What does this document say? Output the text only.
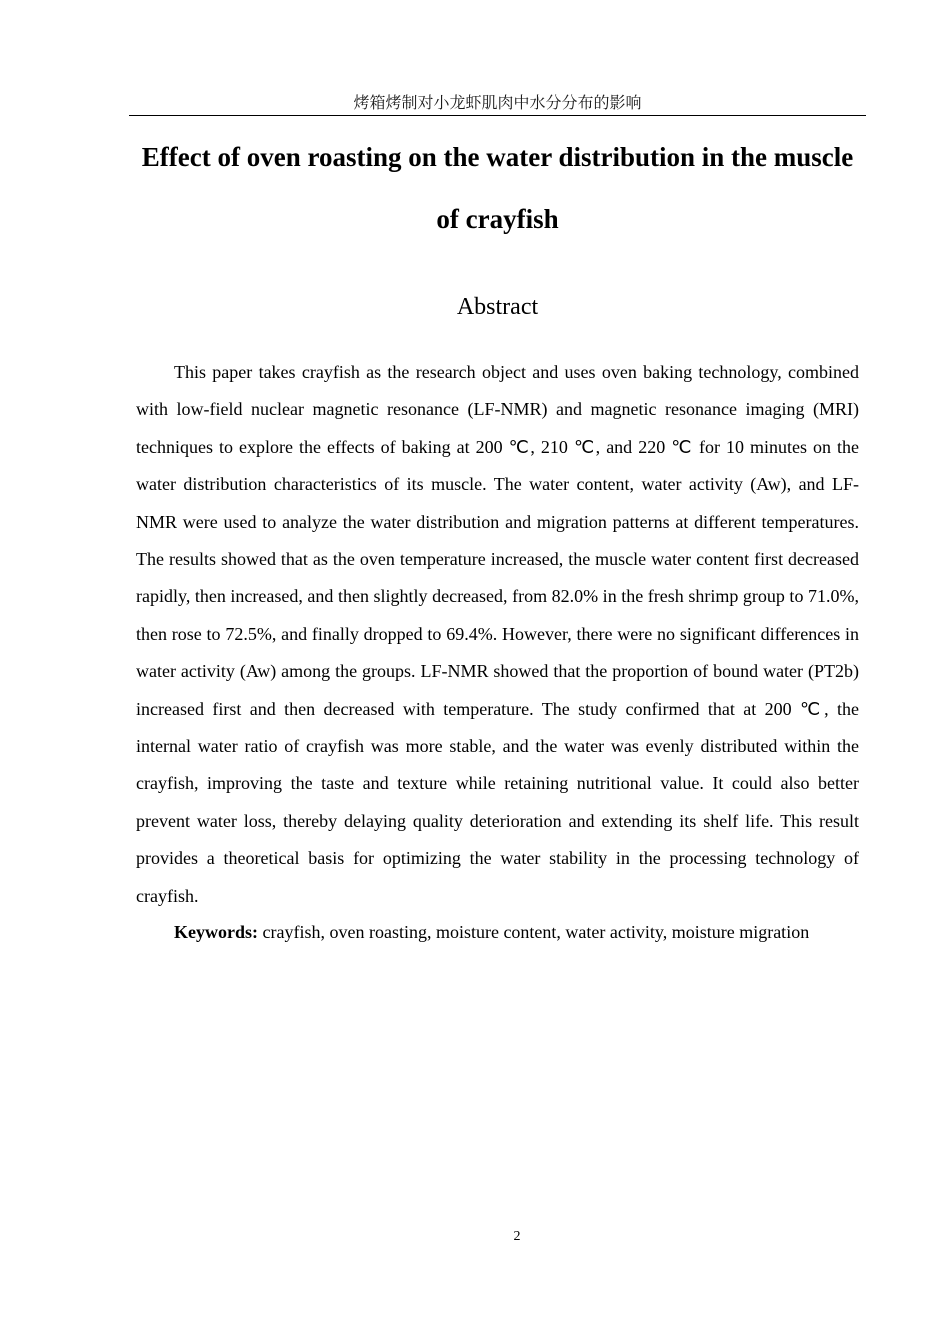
烤箱烤制对小龙虾肌肉中水分分布的影响
Effect of oven roasting on the water distribution in the muscle of crayfish
Abstract

This paper takes crayfish as the research object and uses oven baking technology, combined with low-field nuclear magnetic resonance (LF-NMR) and magnetic resonance imaging (MRI) techniques to explore the effects of baking at 200 ℃, 210 ℃, and 220 ℃ for 10 minutes on the water distribution characteristics of its muscle. The water content, water activity (Aw), and LF-NMR were used to analyze the water distribution and migration patterns at different temperatures. The results showed that as the oven temperature increased, the muscle water content first decreased rapidly, then increased, and then slightly decreased, from 82.0% in the fresh shrimp group to 71.0%, then rose to 72.5%, and finally dropped to 69.4%. However, there were no significant differences in water activity (Aw) among the groups. LF-NMR showed that the proportion of bound water (PT2b) increased first and then decreased with temperature. The study confirmed that at 200 ℃, the internal water ratio of crayfish was more stable, and the water was evenly distributed within the crayfish, improving the taste and texture while retaining nutritional value. It could also better prevent water loss, thereby delaying quality deterioration and extending its shelf life. This result provides a theoretical basis for optimizing the water stability in the processing technology of crayfish.

Keywords: crayfish, oven roasting, moisture content, water activity, moisture migration

2
